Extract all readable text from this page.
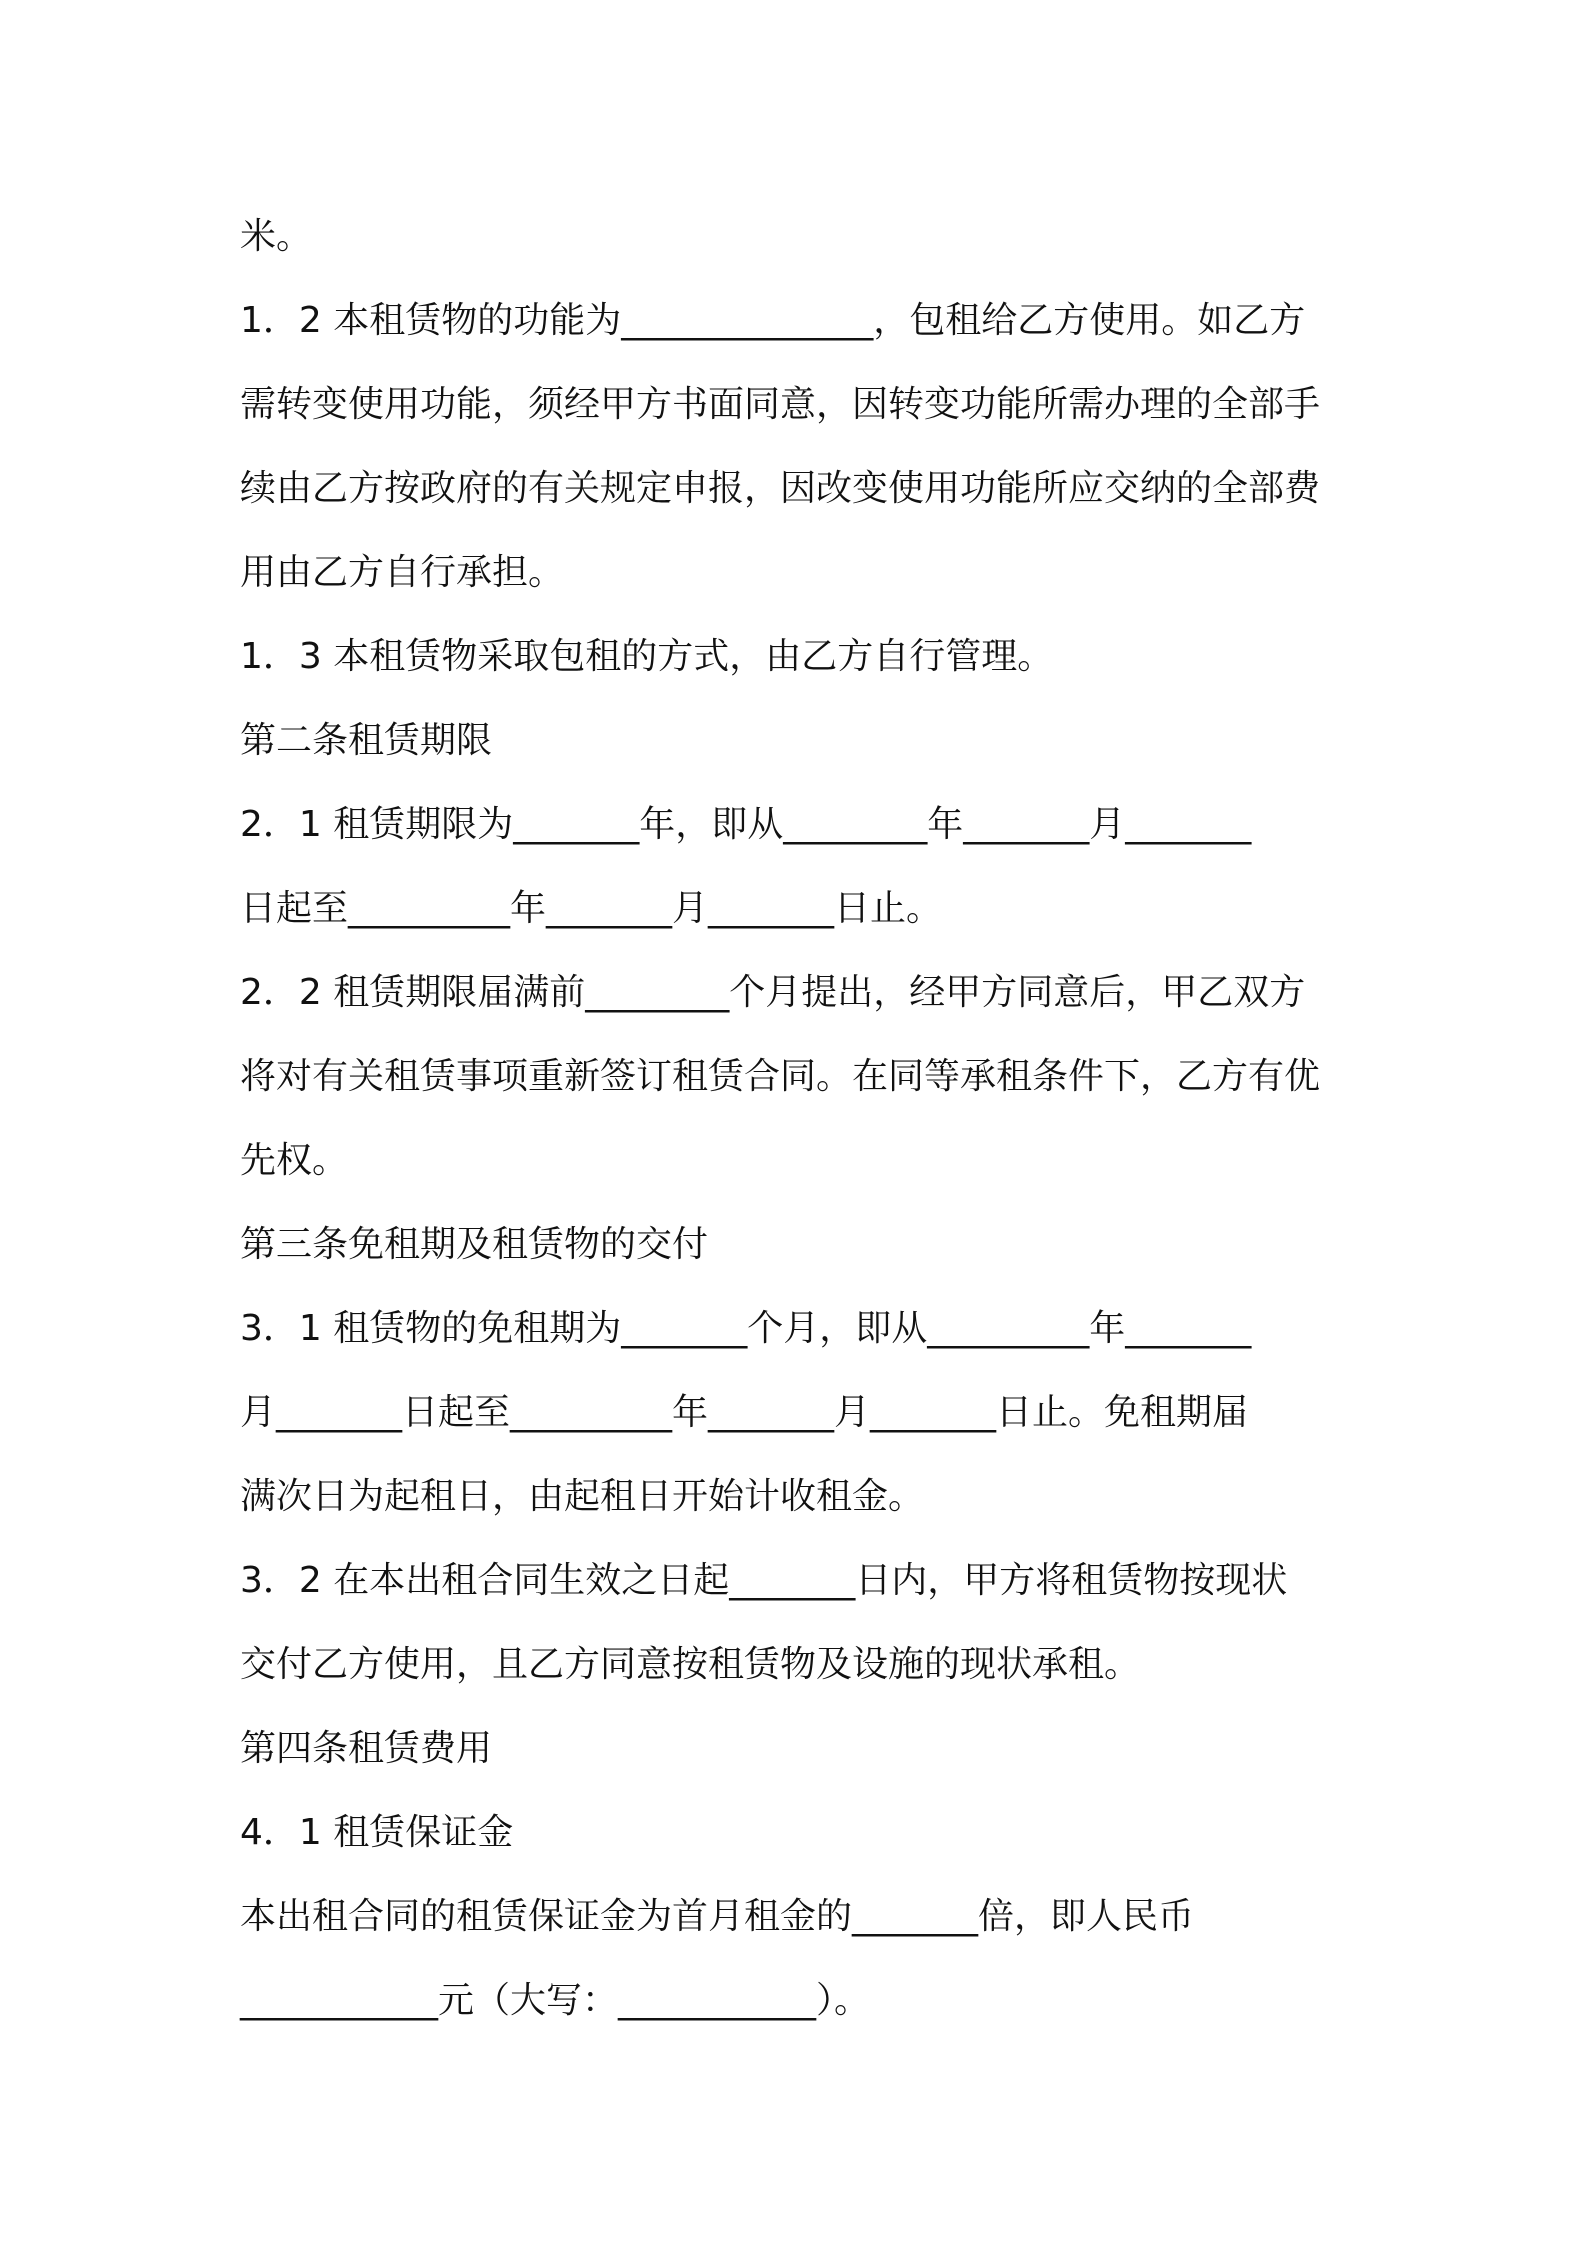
米。
1．2 本租赁物的功能为______________，包租给乙方使用。如乙方
需转变使用功能，须经甲方书面同意，因转变功能所需办理的全部手
续由乙方按政府的有关规定申报，因改变使用功能所应交纳的全部费
用由乙方自行承担。
1．3 本租赁物采取包租的方式，由乙方自行管理。
第二条租赁期限
2．1 租赁期限为_______年，即从________年_______月_______
日起至_________年_______月_______日止。
2．2 租赁期限届满前________个月提出，经甲方同意后，甲乙双方
将对有关租赁事项重新签订租赁合同。在同等承租条件下，乙方有优
先权。
第三条免租期及租赁物的交付
3．1 租赁物的免租期为_______个月，即从_________年_______
月_______日起至_________年_______月_______日止。免租期届
满次日为起租日，由起租日开始计收租金。
3．2 在本出租合同生效之日起_______日内，甲方将租赁物按现状
交付乙方使用，且乙方同意按租赁物及设施的现状承租。
第四条租赁费用
4．1 租赁保证金
本出租合同的租赁保证金为首月租金的_______倍，即人民币
___________元（大写：___________）。
